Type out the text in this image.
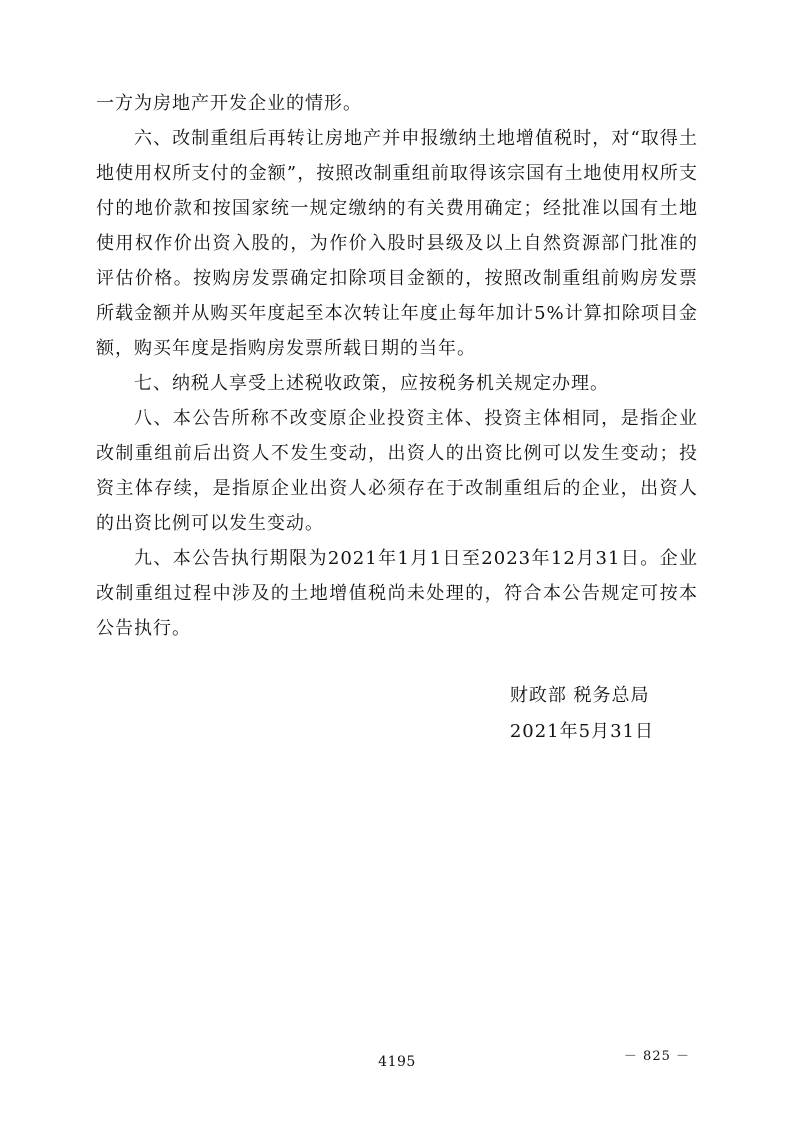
一方为房地产开发企业的情形。

六、改制重组后再转让房地产并申报缴纳土地增值税时，对“取得土地使用权所支付的金额”，按照改制重组前取得该宗国有土地使用权所支付的地价款和按国家统一规定缴纳的有关费用确定；经批准以国有土地使用权作价出资入股的，为作价入股时县级及以上自然资源部门批准的评估价格。按购房发票确定扣除项目金额的，按照改制重组前购房发票所载金额并从购买年度起至本次转让年度止每年加计5%计算扣除项目金额，购买年度是指购房发票所载日期的当年。

七、纳税人享受上述税收政策，应按税务机关规定办理。

八、本公告所称不改变原企业投资主体、投资主体相同，是指企业改制重组前后出资人不发生变动，出资人的出资比例可以发生变动；投资主体存续，是指原企业出资人必须存在于改制重组后的企业，出资人的出资比例可以发生变动。

九、本公告执行期限为2021年1月1日至2023年12月31日。企业改制重组过程中涉及的土地增值税尚未处理的，符合本公告规定可按本公告执行。

财政部 税务总局
2021年5月31日
－ 825 －
4195
